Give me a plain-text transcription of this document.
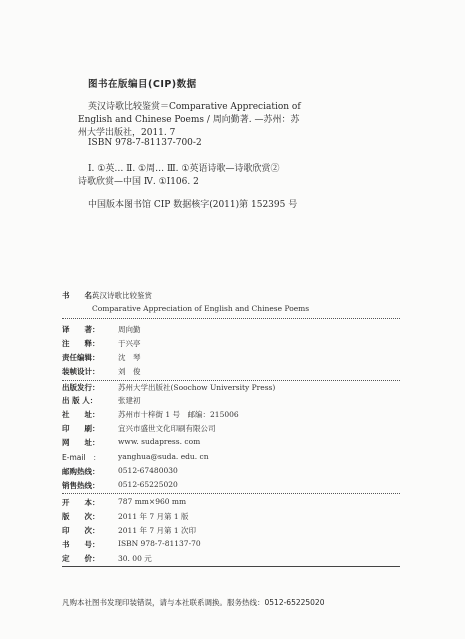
图书在版编目(CIP)数据
英汉诗歌比较鉴赏＝Comparative Appreciation of
English and Chinese Poems / 周向勤著. —苏州：苏
州大学出版社，2011. 7
ISBN 978-7-81137-700-2
Ⅰ. ①英… Ⅱ. ①周… Ⅲ. ①英语诗歌—诗歌欣赏②
诗歌欣赏—中国 Ⅳ. ①I106. 2
中国版本图书馆 CIP 数据核字(2011)第 152395 号
书　　名：
英汉诗歌比较鉴赏
Comparative Appreciation of English and Chinese Poems
译　　著： 周向勤
注　　释： 于兴亭
责任编辑： 沈　琴
装帧设计： 刘　俊
出版发行： 苏州大学出版社(Soochow University Press)
出 版 人：	张建初
社　　址： 苏州市十梓街 1 号　邮编：215006
印　　刷： 宜兴市盛世文化印刷有限公司
网　　址： www. sudapress. com
E-mail　： yanghua@suda. edu. cn
邮购热线： 0512-67480030
销售热线： 0512-65225020
开　　本： 787 mm×960 mm
版　　次： 2011 年 7 月第 1 版
印　　次： 2011 年 7 月第 1 次印
书　　号： ISBN 978-7-81137-70
定　　价： 30. 00 元
凡购本社图书发现印装错误，请与本社联系调换。服务热线：0512-65225020
